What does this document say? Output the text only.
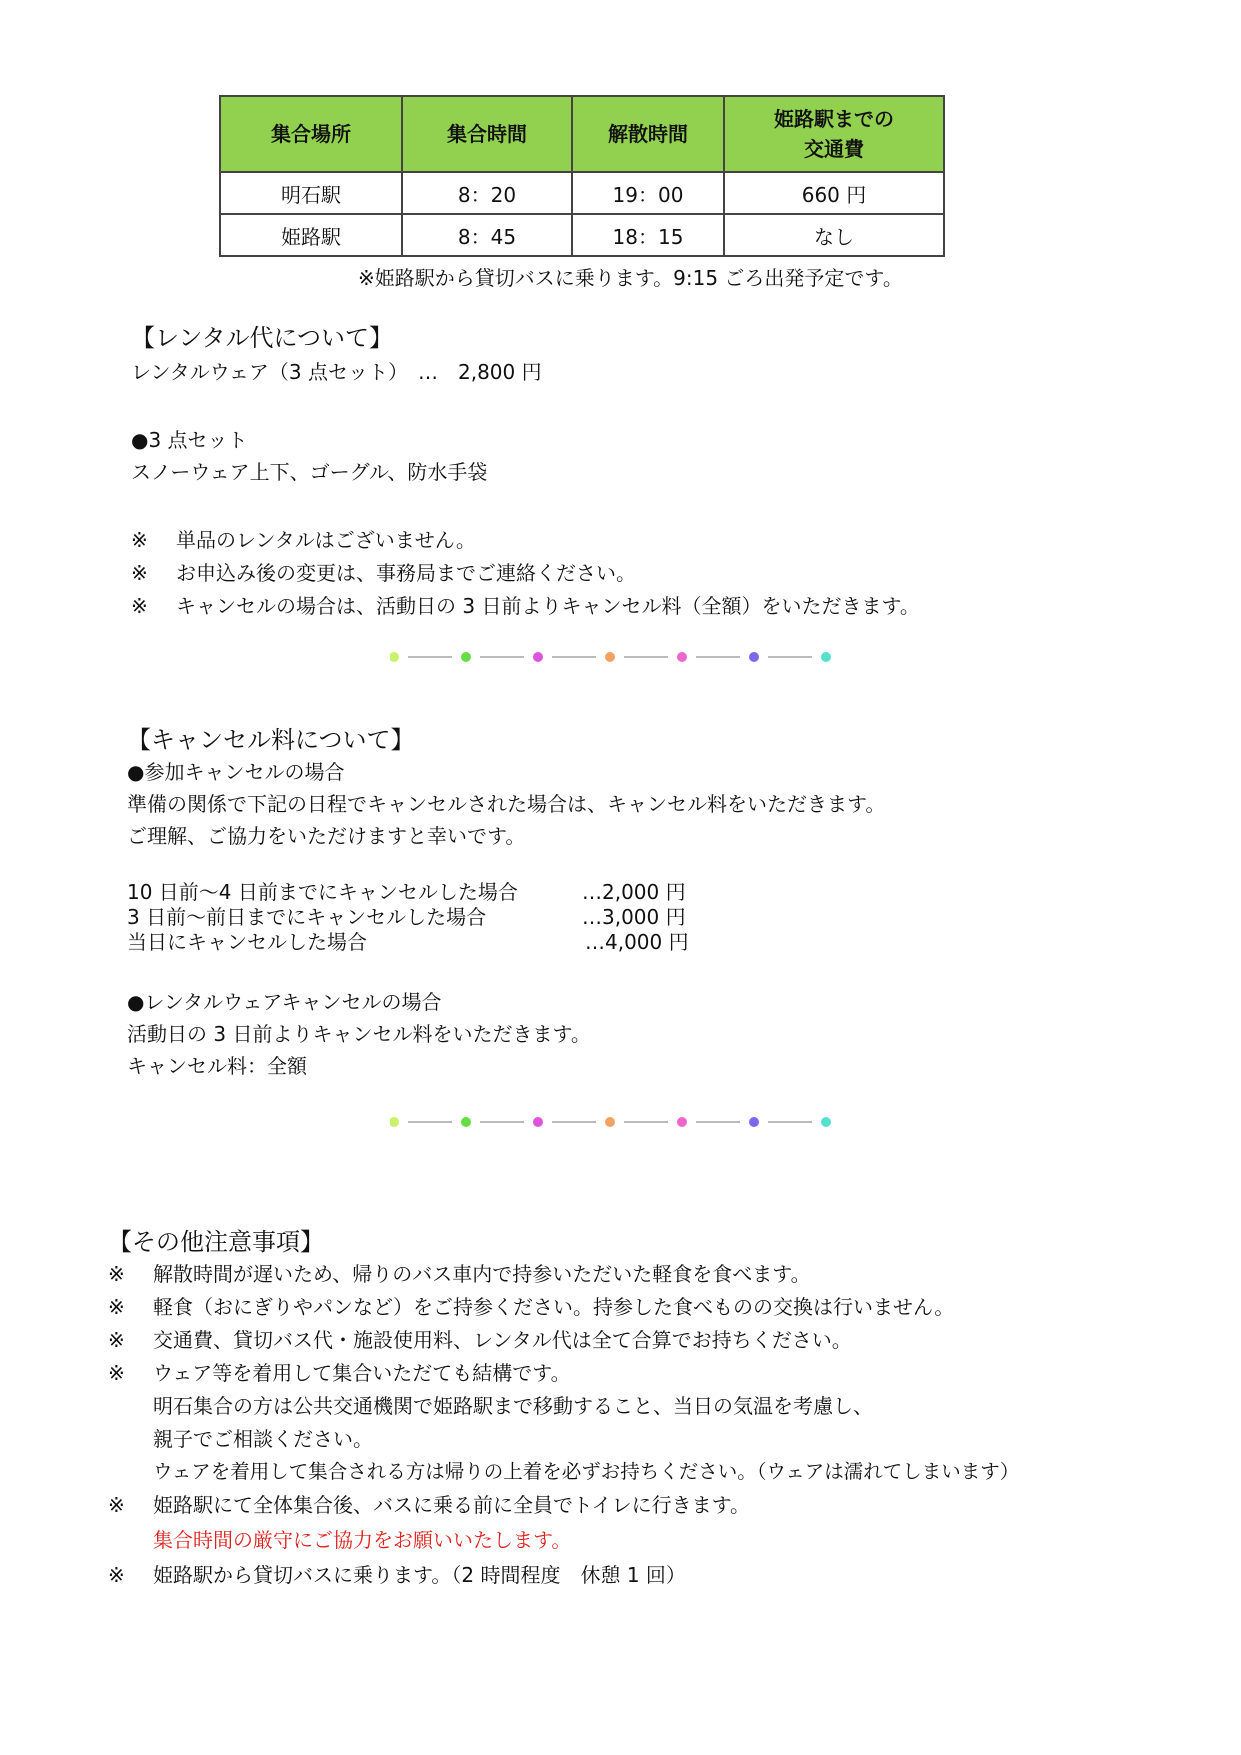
集合場所	集合時間	解散時間	姫路駅までの
交通費

明石駅	8：20	19：00	660 円
姫路駅	8：45	18：15	なし
※姫路駅から貸切バスに乗ります。9:15 ごろ出発予定です。
【レンタル代について】
レンタルウェア（3 点セット）　…　2,800 円
●3 点セット
スノーウェア上下、ゴーグル、防水手袋
※ 単品のレンタルはございません。
※ お申込み後の変更は、事務局までご連絡ください。
※ キャンセルの場合は、活動日の 3 日前よりキャンセル料（全額）をいただきます。
【キャンセル料について】
●参加キャンセルの場合
準備の関係で下記の日程でキャンセルされた場合は、キャンセル料をいただきます。
ご理解、ご協力をいただけますと幸いです。
10 日前～4 日前までにキャンセルした場合	…2,000 円
3 日前～前日までにキャンセルした場合	…3,000 円
当日にキャンセルした場合	…4,000 円
●レンタルウェアキャンセルの場合
活動日の 3 日前よりキャンセル料をいただきます。
キャンセル料：全額
【その他注意事項】
※ 解散時間が遅いため、帰りのバス車内で持参いただいた軽食を食べます。
※ 軽食（おにぎりやパンなど）をご持参ください。持参した食べものの交換は行いません。
※ 交通費、貸切バス代・施設使用料、レンタル代は全て合算でお持ちください。
※ ウェア等を着用して集合いただても結構です。
明石集合の方は公共交通機関で姫路駅まで移動すること、当日の気温を考慮し、
親子でご相談ください。
ウェアを着用して集合される方は帰りの上着を必ずお持ちください。（ウェアは濡れてしまいます）
※ 姫路駅にて全体集合後、バスに乗る前に全員でトイレに行きます。
集合時間の厳守にご協力をお願いいたします。
※ 姫路駅から貸切バスに乗ります。（2 時間程度　休憩 1 回）
